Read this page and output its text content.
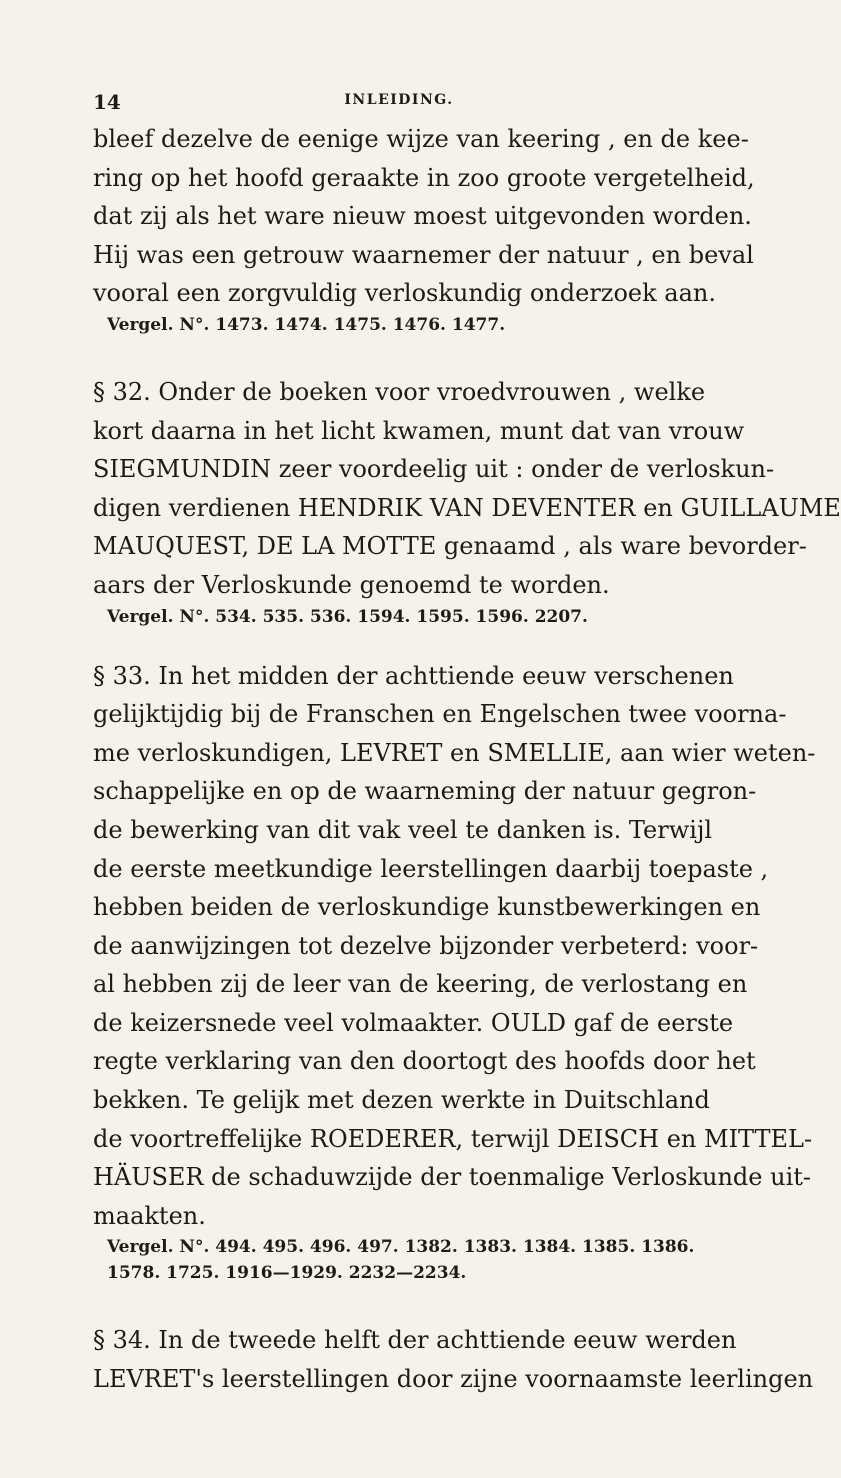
14	INLEIDING.
bleef dezelve de eenige wijze van keering , en de kee-
ring op het hoofd geraakte in zoo groote vergetelheid,
dat zij als het ware nieuw moest uitgevonden worden.
Hij was een getrouw waarnemer der natuur , en beval
vooral een zorgvuldig verloskundig onderzoek aan.
Vergel. N°. 1473. 1474. 1475. 1476. 1477.
§ 32. Onder de boeken voor vroedvrouwen , welke
kort daarna in het licht kwamen, munt dat van vrouw
SIEGMUNDIN zeer voordeelig uit : onder de verloskun-
digen verdienen HENDRIK VAN DEVENTER en GUILLAUME
MAUQUEST, DE LA MOTTE genaamd , als ware bevorder-
aars der Verloskunde genoemd te worden.
Vergel. N°. 534. 535. 536. 1594. 1595. 1596. 2207.
§ 33. In het midden der achttiende eeuw verschenen
gelijktijdig bij de Franschen en Engelschen twee voorna-
me verloskundigen, LEVRET en SMELLIE, aan wier weten-
schappelijke en op de waarneming der natuur gegron-
de bewerking van dit vak veel te danken is. Terwijl
de eerste meetkundige leerstellingen daarbij toepaste ,
hebben beiden de verloskundige kunstbewerkingen en
de aanwijzingen tot dezelve bijzonder verbeterd: voor-
al hebben zij de leer van de keering, de verlostang en
de keizersnede veel volmaakter. OULD gaf de eerste
regte verklaring van den doortogt des hoofds door het
bekken. Te gelijk met dezen werkte in Duitschland
de voortreffelijke ROEDERER, terwijl DEISCH en MITTEL-
HÄUSER de schaduwzijde der toenmalige Verloskunde uit-
maakten.
Vergel. N°. 494. 495. 496. 497. 1382. 1383. 1384. 1385. 1386.
1578. 1725. 1916—1929. 2232—2234.
§ 34. In de tweede helft der achttiende eeuw werden
LEVRET's leerstellingen door zijne voornaamste leerlingen
